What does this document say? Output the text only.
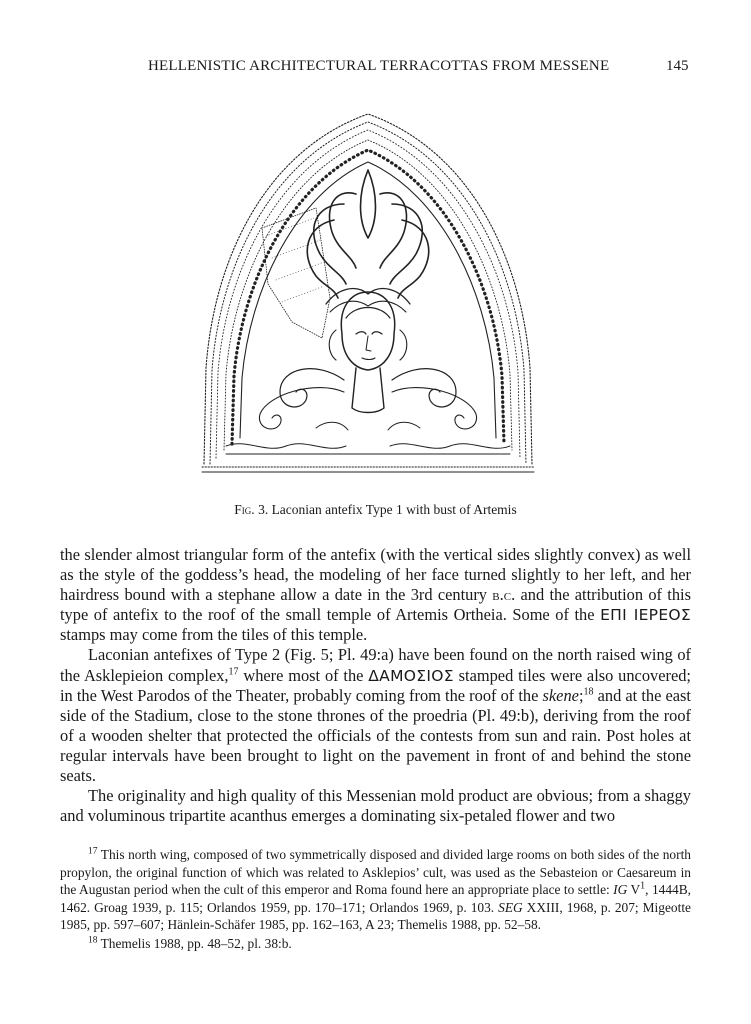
HELLENISTIC ARCHITECTURAL TERRACOTTAS FROM MESSENE	145
Fig. 3. Laconian antefix Type 1 with bust of Artemis

the slender almost triangular form of the antefix (with the vertical sides slightly convex) as well as the style of the goddess’s head, the modeling of her face turned slightly to her left, and her hairdress bound with a stephane allow a date in the 3rd century b.c. and the attribution of this type of antefix to the roof of the small temple of Artemis Ortheia. Some of the ΕΠΙ ΙΕΡΕΟΣ stamps may come from the tiles of this temple.

Laconian antefixes of Type 2 (Fig. 5; Pl. 49:a) have been found on the north raised wing of the Asklepieion complex,$^{17}$ where most of the ΔΑΜΟΣΙΟΣ stamped tiles were also uncovered; in the West Parodos of the Theater, probably coming from the roof of the skene;$^{18}$ and at the east side of the Stadium, close to the stone thrones of the proedria (Pl. 49:b), deriving from the roof of a wooden shelter that protected the officials of the contests from sun and rain. Post holes at regular intervals have been brought to light on the pavement in front of and behind the stone seats.

The originality and high quality of this Messenian mold product are obvious; from a shaggy and voluminous tripartite acanthus emerges a dominating six-petaled flower and two

$^{17}$ This north wing, composed of two symmetrically disposed and divided large rooms on both sides of the north propylon, the original function of which was related to Asklepios’ cult, was used as the Sebasteion or Caesareum in the Augustan period when the cult of this emperor and Roma found here an appropriate place to settle: IG $V^1$, 1444B, 1462. Groag 1939, p. 115; Orlandos 1959, pp. 170–171; Orlandos 1969, p. 103. SEG XXIII, 1968, p. 207; Migeotte 1985, pp. 597–607; Hänlein-Schäfer 1985, pp. 162–163, A 23; Themelis 1988, pp. 52–58.

$^{18}$ Themelis 1988, pp. 48–52, pl. 38:b.
